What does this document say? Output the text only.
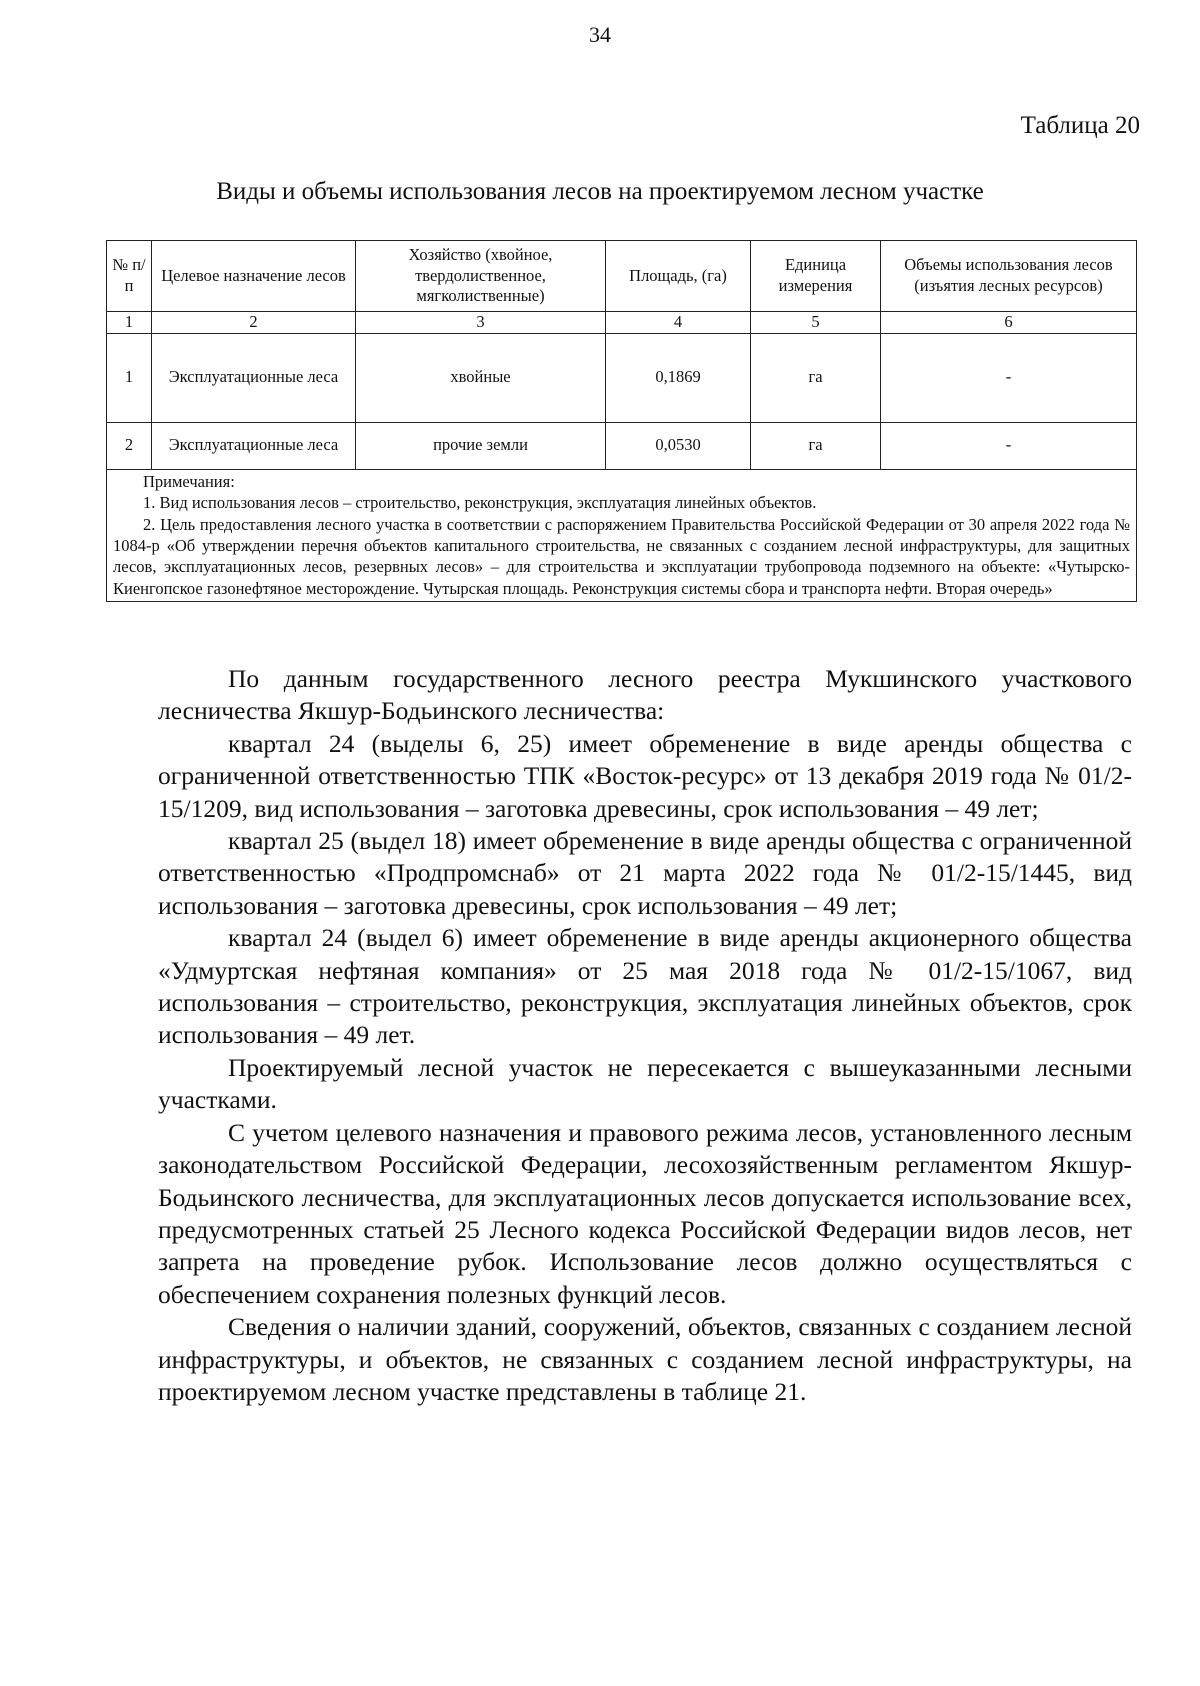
34
Таблица 20
Виды и объемы использования лесов на проектируемом лесном участке
№ п/п	Целевое назначение лесов	Хозяйство (хвойное, твердолиственное, мягколиственные)	Площадь, (га)	Единица измерения	Объемы использования лесов (изъятия лесных ресурсов)
1	2	3	4	5	6
1	Эксплуатационные леса	хвойные	0,1869	га	-
2	Эксплуатационные леса	прочие земли	0,0530	га	-

Примечания:
1. Вид использования лесов – строительство, реконструкция, эксплуатация линейных объектов.
2. Цель предоставления лесного участка в соответствии с распоряжением Правительства Российской Федерации от 30 апреля 2022 года № 1084-р «Об утверждении перечня объектов капитального строительства, не связанных с созданием лесной инфраструктуры, для защитных лесов, эксплуатационных лесов, резервных лесов» – для строительства и эксплуатации трубопровода подземного на объекте: «Чутырско-Киенгопское газонефтяное месторождение. Чутырская площадь. Реконструкция системы сбора и транспорта нефти. Вторая очередь»					

По данным государственного лесного реестра Мукшинского участкового лесничества Якшур-Бодьинского лесничества:

квартал 24 (выделы 6, 25) имеет обременение в виде аренды общества с ограниченной ответственностью ТПК «Восток-ресурс» от 13 декабря 2019 года № 01/2-15/1209, вид использования – заготовка древесины, срок использования – 49 лет;

квартал 25 (выдел 18) имеет обременение в виде аренды общества с ограниченной ответственностью «Продпромснаб» от 21 марта 2022 года № 01/2-15/1445, вид использования – заготовка древесины, срок использования – 49 лет;

квартал 24 (выдел 6) имеет обременение в виде аренды акционерного общества «Удмуртская нефтяная компания» от 25 мая 2018 года № 01/2-15/1067, вид использования – строительство, реконструкция, эксплуатация линейных объектов, срок использования – 49 лет.

Проектируемый лесной участок не пересекается с вышеуказанными лесными участками.

С учетом целевого назначения и правового режима лесов, установленного лесным законодательством Российской Федерации, лесохозяйственным регламентом Якшур-Бодьинского лесничества, для эксплуатационных лесов допускается использование всех, предусмотренных статьей 25 Лесного кодекса Российской Федерации видов лесов, нет запрета на проведение рубок. Использование лесов должно осуществляться с обеспечением сохранения полезных функций лесов.

Сведения о наличии зданий, сооружений, объектов, связанных с созданием лесной инфраструктуры, и объектов, не связанных с созданием лесной инфраструктуры, на проектируемом лесном участке представлены в таблице 21.
